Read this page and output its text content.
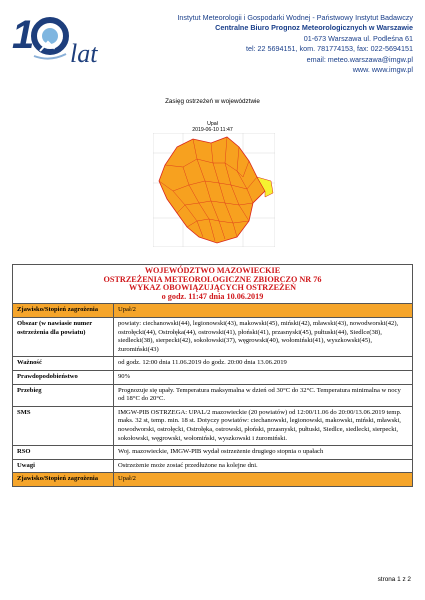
1 lat
Instytut Meteorologii i Gospodarki Wodnej - Państwowy Instytut Badawczy
Centralne Biuro Prognoz Meteorologicznych w Warszawie
01-673 Warszawa ul. Podleśna 61
tel: 22 5694151, kom. 781774153, fax: 022-5694151
email: meteo.warszawa@imgw.pl
www. www.imgw.pl
Zasięg ostrzeżeń w województwie
Upał
2019-06-10 11:47
WOJEWÓDZTWO MAZOWIECKIE
OSTRZEŻENIA METEOROLOGICZNE ZBIORCZO NR 76
WYKAZ OBOWIĄZUJĄCYCH OSTRZEŻEŃ
o godz. 11:47 dnia 10.06.2019	

Zjawisko/Stopień zagrożenia	Upał/2
Obszar (w nawiasie numer ostrzeżenia dla powiatu)	powiaty: ciechanowski(44), legionowski(43), makowski(45), miński(42), mławski(43), nowodworski(42), ostrołęcki(44), Ostrołęka(44), ostrowski(41), płoński(41), przasnyski(45), pułtuski(44), Siedlce(38), siedlecki(38), sierpecki(42), sokołowski(37), węgrowski(40), wołomiński(41), wyszkowski(45), żuromiński(43)
Ważność	od godz. 12:00 dnia 11.06.2019 do godz. 20:00 dnia 13.06.2019
Prawdopodobieństwo	90%
Przebieg	Prognozuje się upały. Temperatura maksymalna w dzień od 30°C do 32°C. Temperatura minimalna w nocy od 18°C do 20°C.
SMS	IMGW-PIB OSTRZEGA: UPAL/2 mazowieckie (20 powiatów) od 12:00/11.06 do 20:00/13.06.2019 temp. maks. 32 st, temp. min. 18 st. Dotyczy powiatów: ciechanowski, legionowski, makowski, miński, mławski, nowodworski, ostrołęcki, Ostrołęka, ostrowski, płoński, przasnyski, pułtuski, Siedlce, siedlecki, sierpecki, sokołowski, węgrowski, wołomiński, wyszkowski i żuromiński.
RSO	Woj. mazowieckie, IMGW-PIB wydał ostrzeżenie drugiego stopnia o upałach
Uwagi	Ostrzeżenie może zostać przedłużone na kolejne dni.
Zjawisko/Stopień zagrożenia	Upał/2
strona 1 z 2
